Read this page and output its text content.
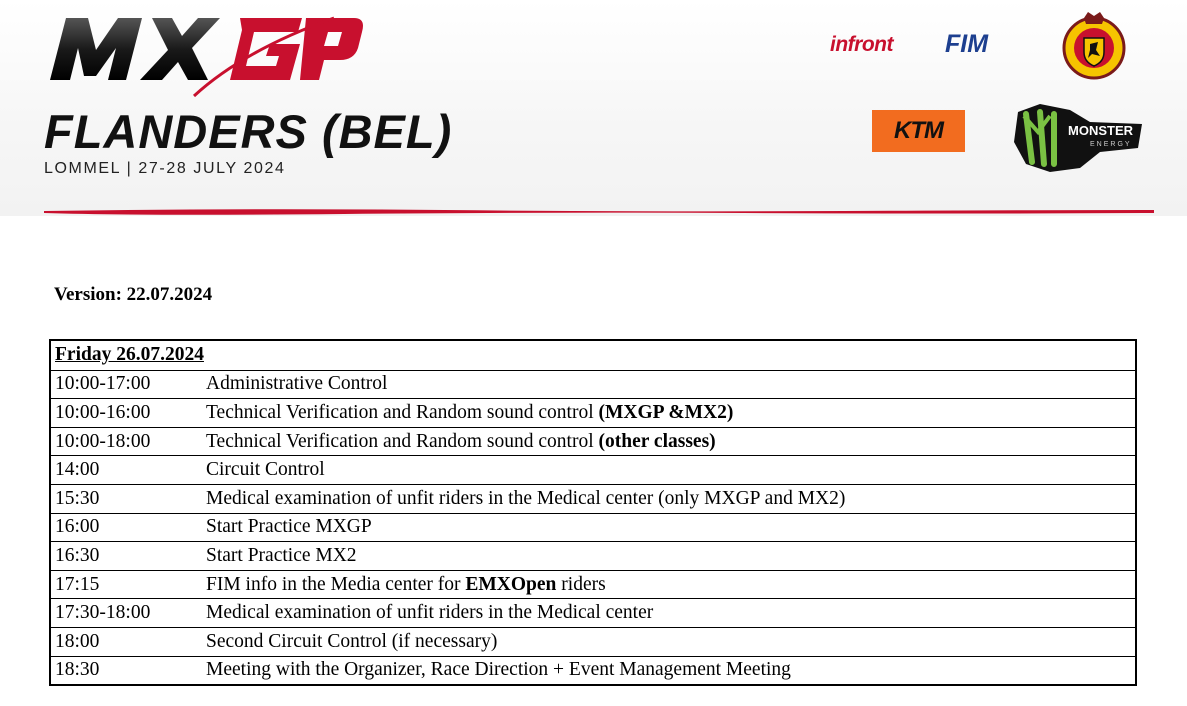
FLANDERS (BEL)
LOMMEL | 27-28 JULY 2024
infront FIM
KTM	MONSTER
ENERGY
Version: 22.07.2024
Friday 26.07.2024
10:00-17:00	Administrative Control
10:00-16:00	Technical Verification and Random sound control (MXGP &MX2)
10:00-18:00	Technical Verification and Random sound control (other classes)
14:00	Circuit Control
15:30	Medical examination of unfit riders in the Medical center (only MXGP and MX2)
16:00	Start Practice MXGP
16:30	Start Practice MX2
17:15	FIM info in the Media center for EMXOpen riders
17:30-18:00	Medical examination of unfit riders in the Medical center
18:00	Second Circuit Control (if necessary)
18:30	Meeting with the Organizer, Race Direction + Event Management Meeting
